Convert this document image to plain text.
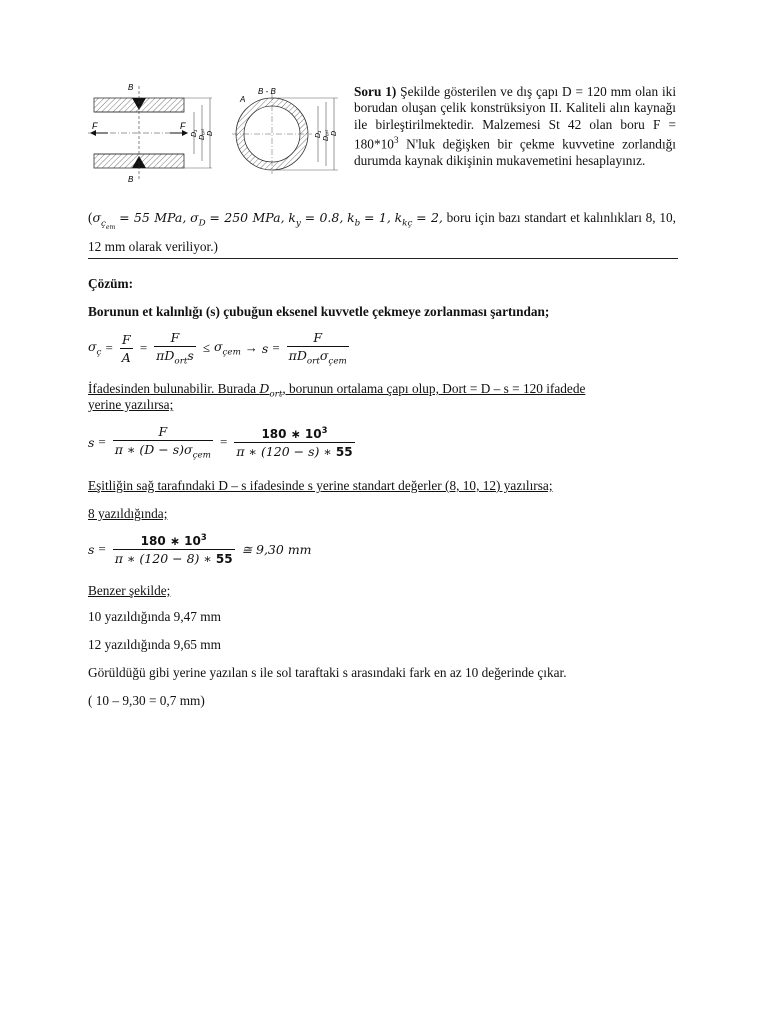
F	F
B
B
D₁ Dₒᵣₜ D
B - B
A
D₁ Dₒᵣₜ D
Soru 1) Şekilde gösterilen ve dış çapı D = 120 mm olan iki borudan oluşan çelik konstrüksiyon II. Kaliteli alın kaynağı ile birleştirilmektedir. Malzemesi St 42 olan boru $F = 180*10^3$ N'luk değişken bir çekme kuvvetine zorlandığı durumda kaynak dikişinin mukavemetini hesaplayınız.
($\sigma_{ç_{em}} = 55$ MPa, $\sigma_D = 250$ MPa, $k_y = 0.8$, $k_b = 1$, $k_{kç} = 2$, boru için bazı standart et kalınlıkları 8, 10, 12 mm olarak veriliyor.)
Çözüm:
Borunun et kalınlığı (s) çubuğun eksenel kuvvetle çekmeye zorlanması şartından;
$\sigma_ç = \frac{F}{A} = \frac{F}{\pi D_{ort}s} \le \sigma_{çem} \to s = \frac{F}{\pi D_{ort}\sigma_{çem}}$
İfadesinden bulunabilir. Burada $D_{ort}$, borunun ortalama çapı olup, Dort = D – s = 120 ifadede
yerine yazılırsa;
$s = \frac{F}{\pi ∗ (D - s)\sigma_{çem}} = \frac{180 ∗ 10^3}{\pi ∗ (120 - s) ∗ 55}$
Eşitliğin sağ tarafındaki D – s ifadesinde s yerine standart değerler (8, 10, 12) yazılırsa;
8 yazıldığında;
$s = \frac{180 ∗ 10^3}{\pi ∗ (120 - 8) ∗ 55}$ ≅ 9,30 mm
Benzer şekilde;
10 yazıldığında 9,47 mm
12 yazıldığında 9,65 mm
Görüldüğü gibi yerine yazılan s ile sol taraftaki s arasındaki fark en az 10 değerinde çıkar.
( 10 – 9,30 = 0,7 mm)
